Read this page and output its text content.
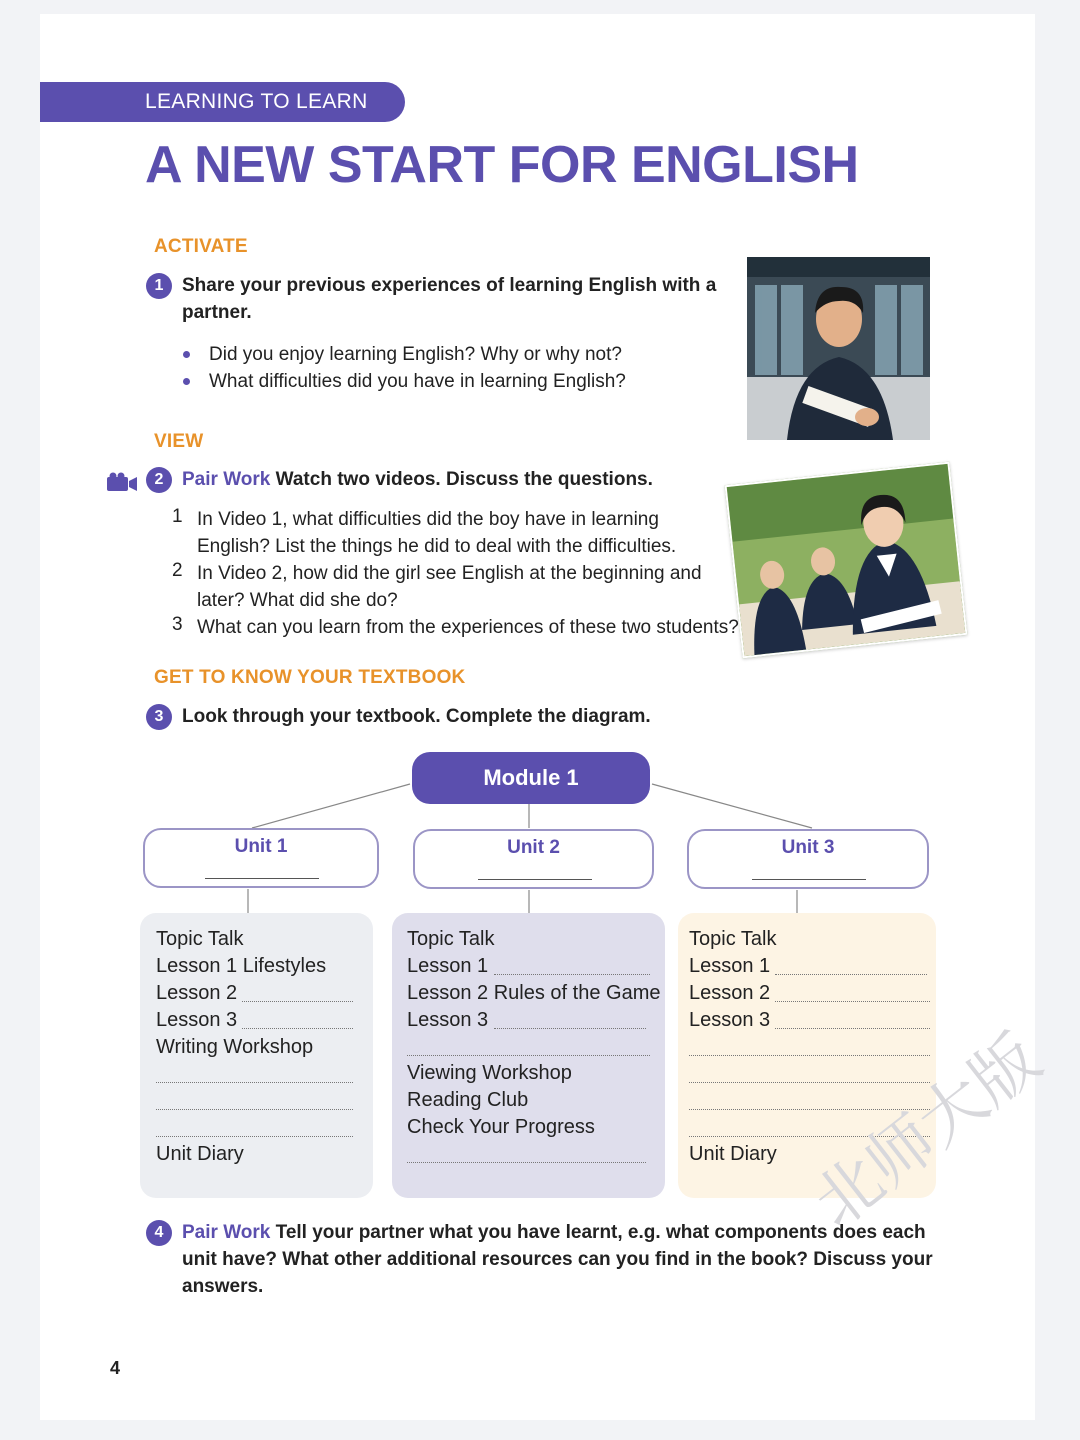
LEARNING TO LEARN
A NEW START FOR ENGLISH
ACTIVATE
1 Share your previous experiences of learning English with a
partner.
Did you enjoy learning English? Why or why not?
What difficulties did you have in learning English?
VIEW
2 Pair Work Watch two videos. Discuss the questions.
1 In Video 1, what difficulties did the boy have in learning
English? List the things he did to deal with the difficulties.
2 In Video 2, how did the girl see English at the beginning and
later? What did she do?
3 What can you learn from the experiences of these two students?
GET TO KNOW YOUR TEXTBOOK
3 Look through your textbook. Complete the diagram.
Module 1
Unit 1	Unit 2	Unit 3
Topic Talk
Lesson 1 Lifestyles
Lesson 2
Lesson 3
Writing Workshop
Unit Diary
Topic Talk
Lesson 1
Lesson 2 Rules of the Game
Lesson 3
Viewing Workshop
Reading Club
Check Your Progress
Topic Talk
Lesson 1
Lesson 2
Lesson 3
Unit Diary
4 Pair Work Tell your partner what you have learnt, e.g. what components does each
unit have? What other additional resources can you find in the book? Discuss your
answers.
北师大版
4
